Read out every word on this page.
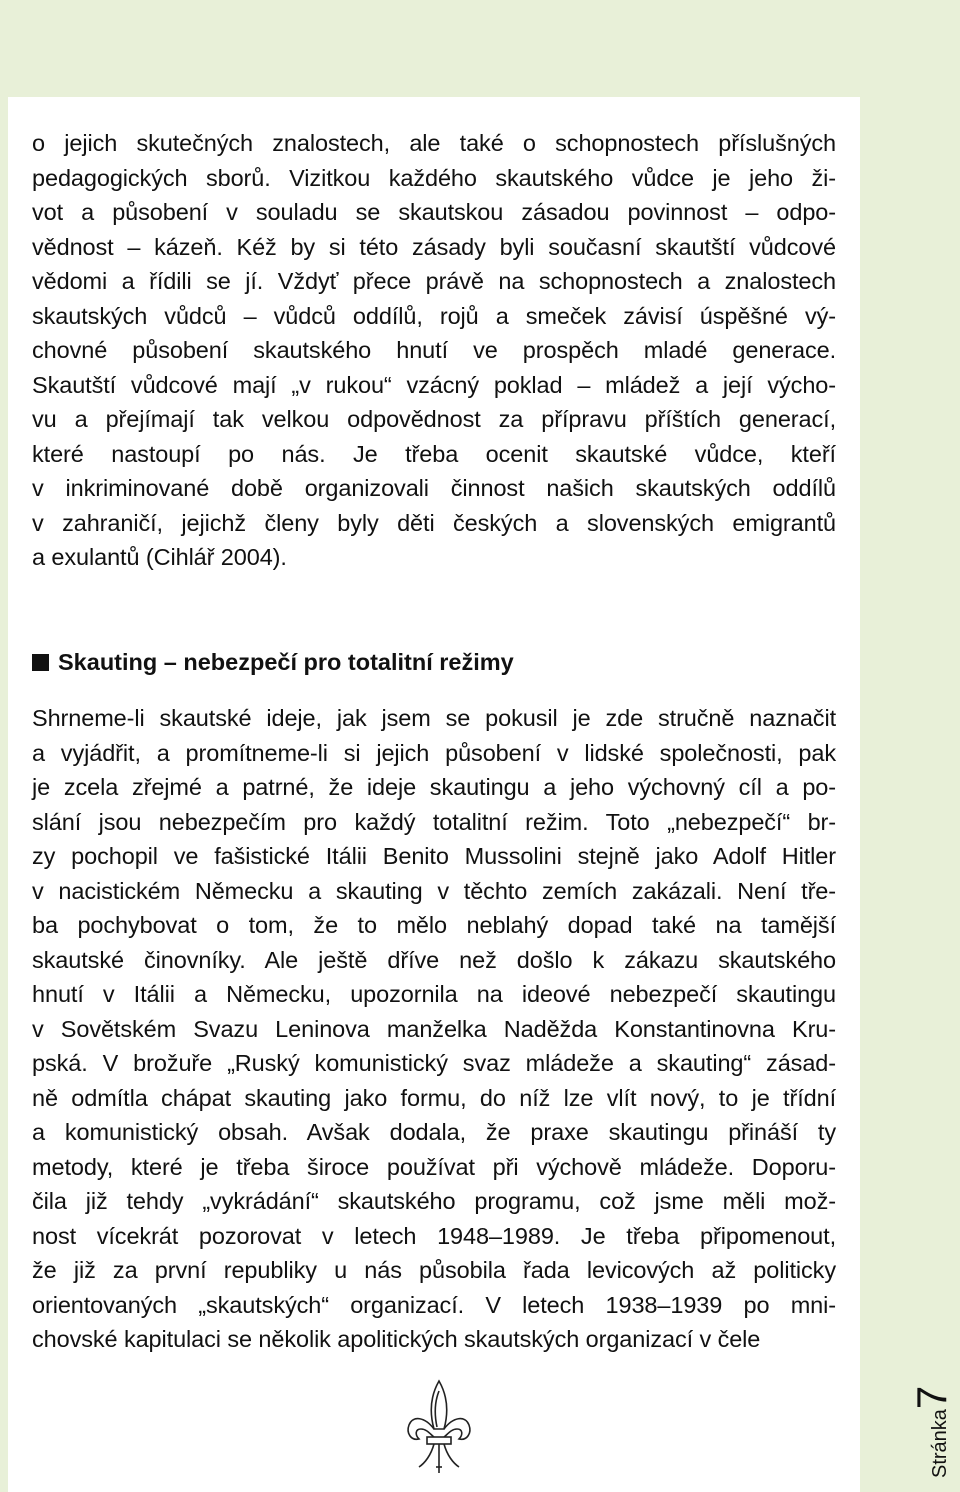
o jejich skutečných znalostech, ale také o schopnostech příslušných
pedagogických sborů. Vizitkou každého skautského vůdce je jeho ži-
vot a působení v souladu se skautskou zásadou povinnost – odpo-
vědnost – kázeň. Kéž by si této zásady byli současní skautští vůdcové
vědomi a řídili se jí. Vždyť přece právě na schopnostech a znalostech
skautských vůdců – vůdců oddílů, rojů a smeček závisí úspěšné vý-
chovné působení skautského hnutí ve prospěch mladé generace.
Skautští vůdcové mají „v rukou“ vzácný poklad – mládež a její výcho-
vu a přejímají tak velkou odpovědnost za přípravu příštích generací,
které nastoupí po nás. Je třeba ocenit skautské vůdce, kteří
v inkriminované době organizovali činnost našich skautských oddílů
v zahraničí, jejichž členy byly děti českých a slovenských emigrantů
a exulantů (Cihlář 2004).
Skauting – nebezpečí pro totalitní režimy
Shrneme-li skautské ideje, jak jsem se pokusil je zde stručně naznačit
a vyjádřit, a promítneme-li si jejich působení v lidské společnosti, pak
je zcela zřejmé a patrné, že ideje skautingu a jeho výchovný cíl a po-
slání jsou nebezpečím pro každý totalitní režim. Toto „nebezpečí“ br-
zy pochopil ve fašistické Itálii Benito Mussolini stejně jako Adolf Hitler
v nacistickém Německu a skauting v těchto zemích zakázali. Není tře-
ba pochybovat o tom, že to mělo neblahý dopad také na tamější
skautské činovníky. Ale ještě dříve než došlo k zákazu skautského
hnutí v Itálii a Německu, upozornila na ideové nebezpečí skautingu
v Sovětském Svazu Leninova manželka Naděžda Konstantinovna Kru-
pská. V brožuře „Ruský komunistický svaz mládeže a skauting“ zásad-
ně odmítla chápat skauting jako formu, do níž lze vlít nový, to je třídní
a komunistický obsah. Avšak dodala, že praxe skautingu přináší ty
metody, které je třeba široce používat při výchově mládeže. Doporu-
čila již tehdy „vykrádání“ skautského programu, což jsme měli mož-
nost vícekrát pozorovat v letech 1948–1989. Je třeba připomenout,
že již za první republiky u nás působila řada levicových až politicky
orientovaných „skautských“ organizací. V letech 1938–1939 po mni-
chovské kapitulaci se několik apolitických skautských organizací v čele
Stránka7
